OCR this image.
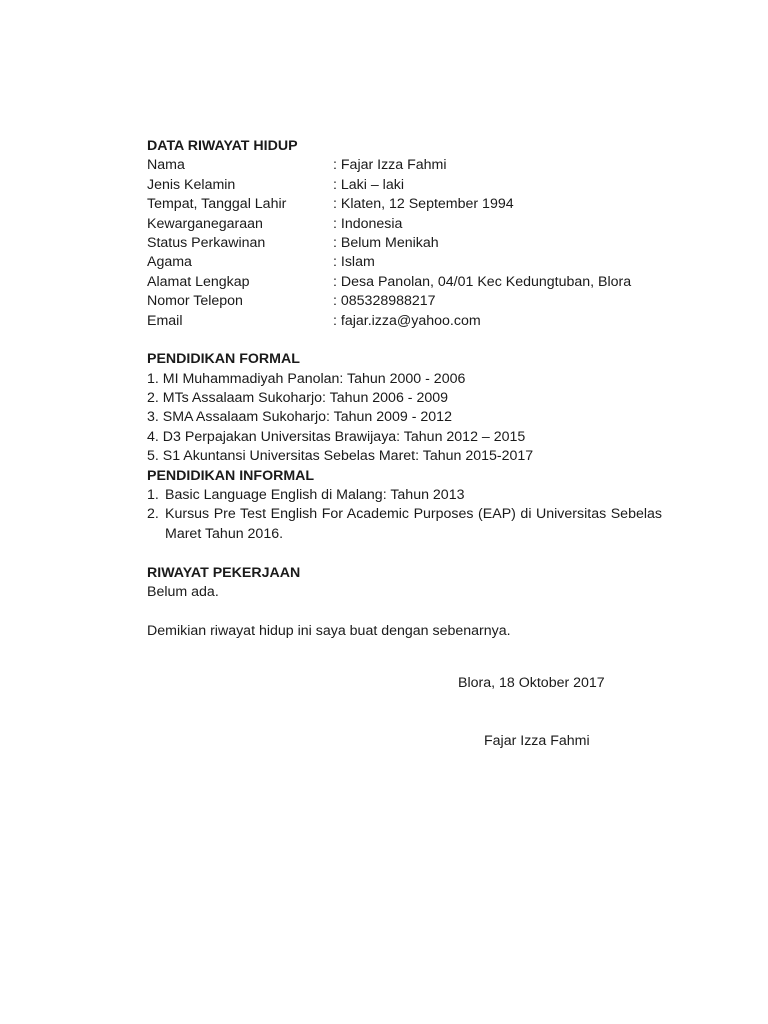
DATA RIWAYAT HIDUP
Nama	: Fajar Izza Fahmi
Jenis Kelamin	: Laki – laki
Tempat, Tanggal Lahir	: Klaten, 12 September 1994
Kewarganegaraan	: Indonesia
Status Perkawinan	: Belum Menikah
Agama	: Islam
Alamat Lengkap	: Desa Panolan, 04/01 Kec Kedungtuban, Blora
Nomor Telepon	: 085328988217
Email	: fajar.izza@yahoo.com
PENDIDIKAN FORMAL
1. MI Muhammadiyah Panolan: Tahun 2000 - 2006
2. MTs Assalaam Sukoharjo: Tahun 2006 - 2009
3. SMA Assalaam Sukoharjo: Tahun 2009 - 2012
4. D3 Perpajakan Universitas Brawijaya: Tahun 2012 – 2015
5. S1 Akuntansi Universitas Sebelas Maret: Tahun 2015-2017
PENDIDIKAN INFORMAL
1. Basic Language English di Malang: Tahun 2013
2. Kursus Pre Test English For Academic Purposes (EAP) di Universitas Sebelas Maret Tahun 2016.
RIWAYAT PEKERJAAN
Belum ada.
Demikian riwayat hidup ini saya buat dengan sebenarnya.
Blora, 18 Oktober 2017
Fajar Izza Fahmi
